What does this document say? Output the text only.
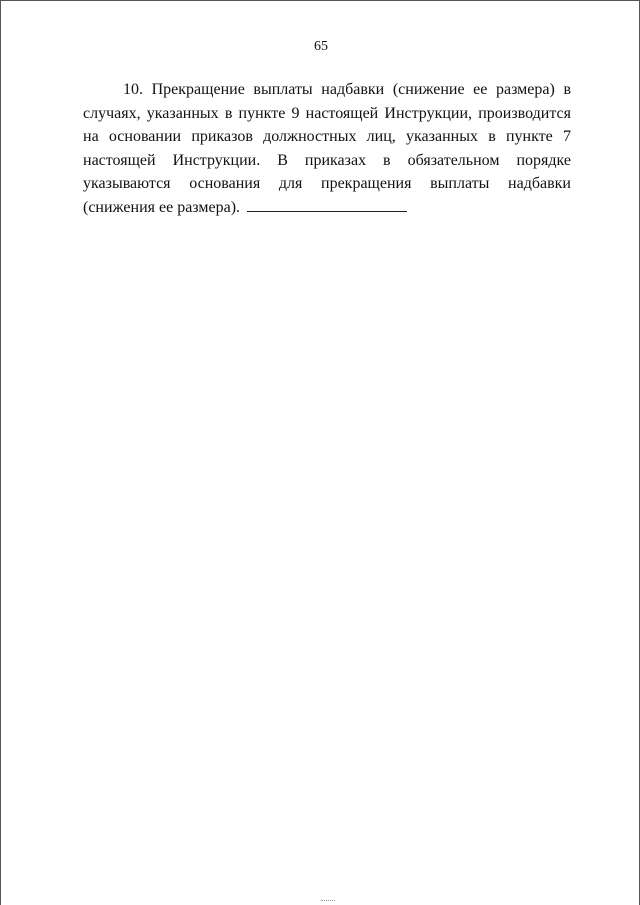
65

10. Прекращение выплаты надбавки (снижение ее размера) в случаях, указанных в пункте 9 настоящей Инструкции, производится на основании приказов должностных лиц, указанных в пункте 7 настоящей Инструкции. В приказах в обязательном порядке указываются основания для прекращения выплаты надбавки (снижения ее размера).
